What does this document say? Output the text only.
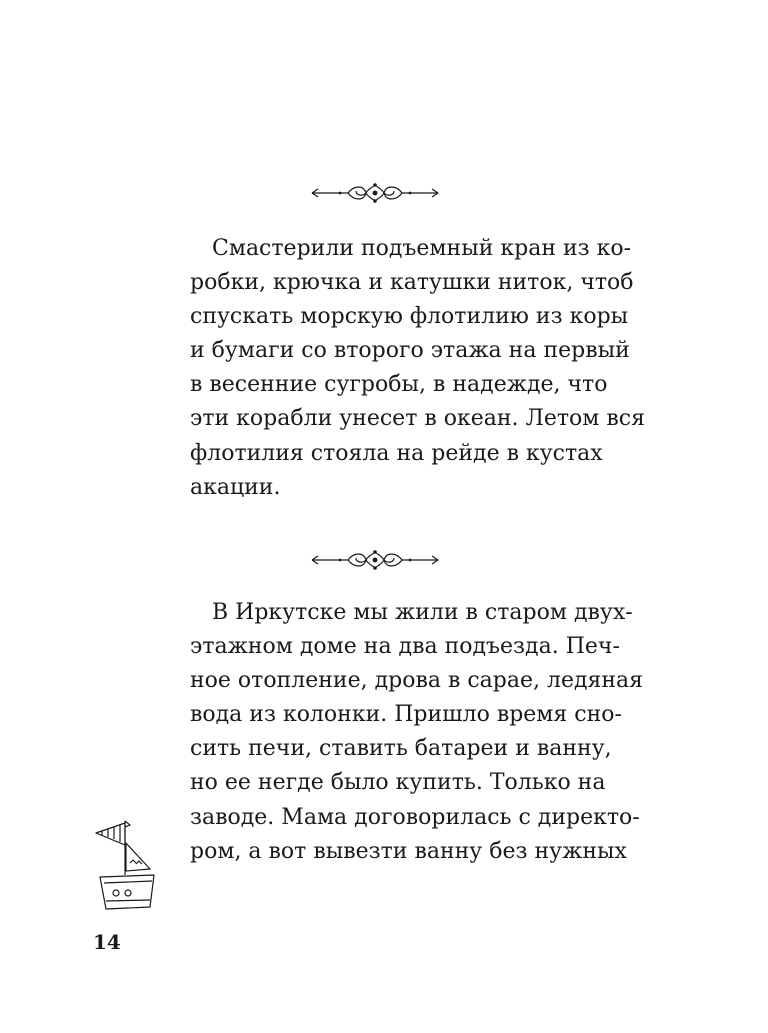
 Смастерили подъемный кран из ко-
робки, крючка и катушки ниток, чтоб
спускать морскую флотилию из коры
и бумаги со второго этажа на первый
в весенние сугробы, в надежде, что
эти корабли унесет в океан. Летом вся
флотилия стояла на рейде в кустах
акации.
 В Иркутске мы жили в старом двух-
этажном доме на два подъезда. Печ-
ное отопление, дрова в сарае, ледяная
вода из колонки. Пришло время сно-
сить печи, ставить батареи и ванну,
но ее негде было купить. Только на
заводе. Мама договорилась с директо-
ром, а вот вывезти ванну без нужных
14
